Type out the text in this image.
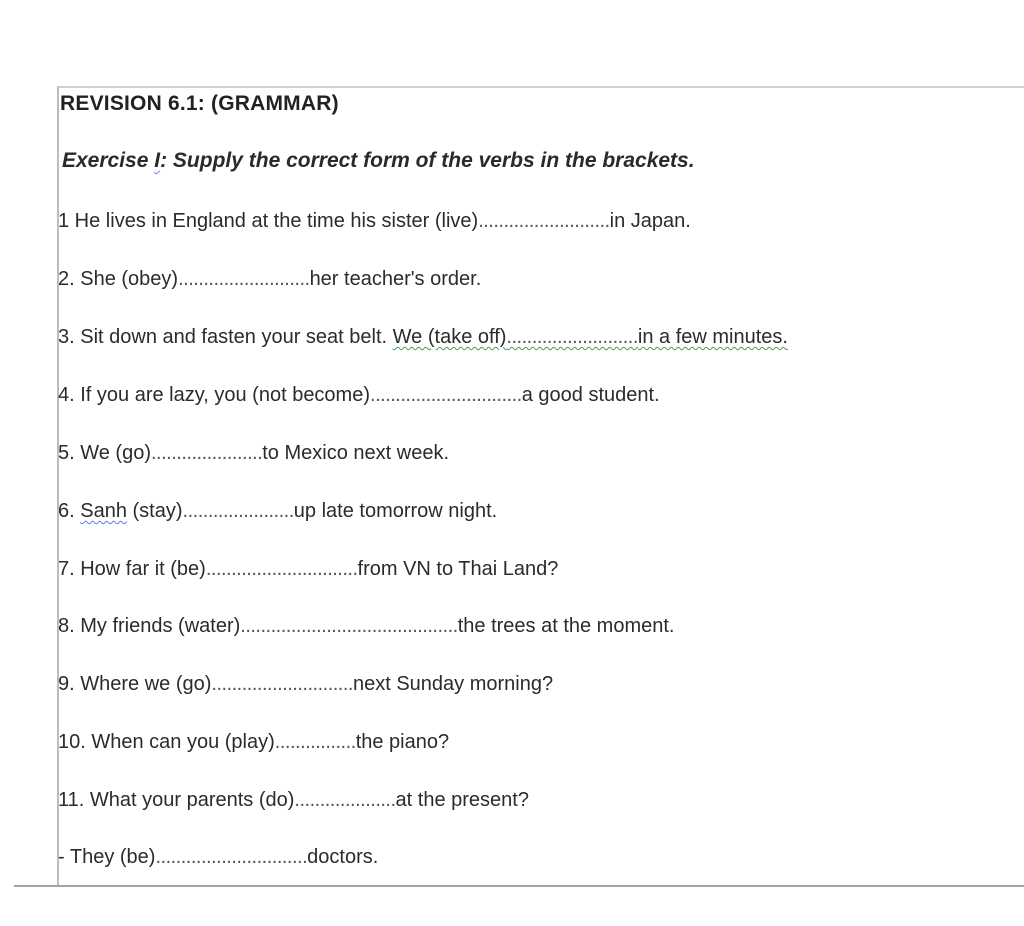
REVISION 6.1: (GRAMMAR)
Exercise I: Supply the correct form of the verbs in the brackets.
1 He lives in England at the time his sister (live)..........................in Japan.
2. She (obey)..........................her teacher's order.
3. Sit down and fasten your seat belt. We (take off)..........................in a few minutes.
4. If you are lazy, you (not become)..............................a good student.
5. We (go)......................to Mexico next week.
6. Sanh (stay)......................up late tomorrow night.
7. How far it (be)..............................from VN to Thai Land?
8. My friends (water)...........................................the trees at the moment.
9. Where we (go)............................next Sunday morning?
10. When can you (play)................the piano?
11. What your parents (do)....................at the present?
- They (be)..............................doctors.
